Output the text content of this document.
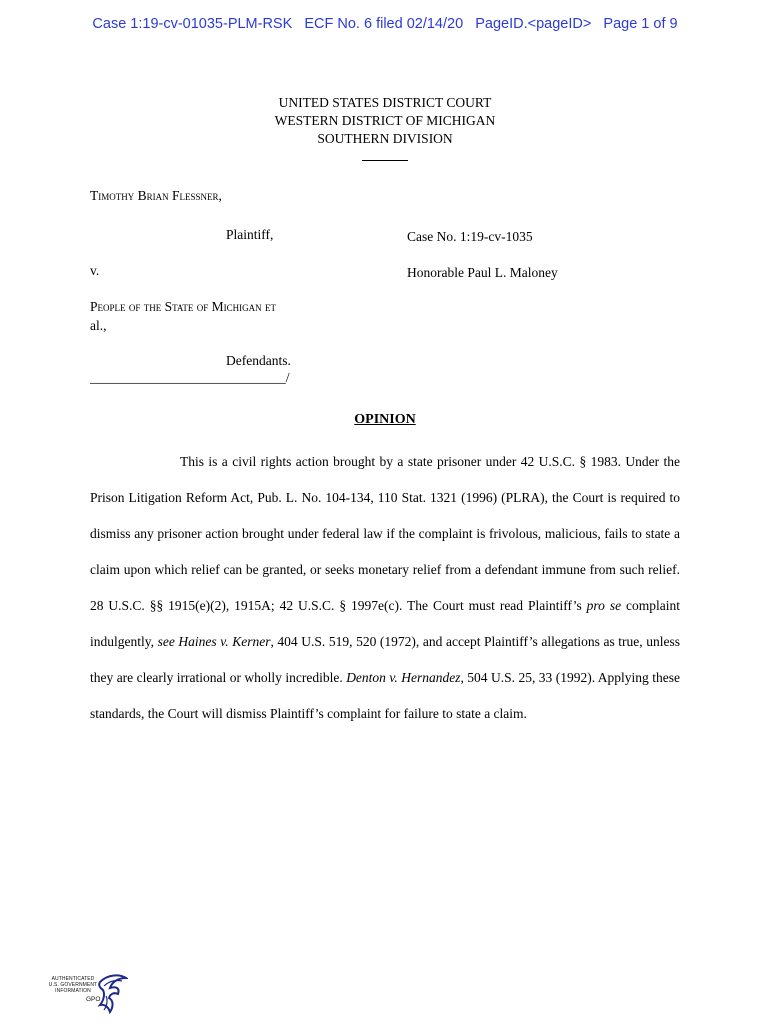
Case 1:19-cv-01035-PLM-RSK   ECF No. 6 filed 02/14/20   PageID.<pageID>   Page 1 of 9
UNITED STATES DISTRICT COURT
WESTERN DISTRICT OF MICHIGAN
SOUTHERN DIVISION
Timothy Brian Flessner,
Plaintiff,	Case No. 1:19-cv-1035
v.	Honorable Paul L. Maloney
People of the State of Michigan et
al.,
Defendants.
_____________________________/
OPINION

This is a civil rights action brought by a state prisoner under 42 U.S.C. § 1983. Under the Prison Litigation Reform Act, Pub. L. No. 104-134, 110 Stat. 1321 (1996) (PLRA), the Court is required to dismiss any prisoner action brought under federal law if the complaint is frivolous, malicious, fails to state a claim upon which relief can be granted, or seeks monetary relief from a defendant immune from such relief. 28 U.S.C. §§ 1915(e)(2), 1915A; 42 U.S.C. § 1997e(c). The Court must read Plaintiff’s pro se complaint indulgently, see Haines v. Kerner, 404 U.S. 519, 520 (1972), and accept Plaintiff’s allegations as true, unless they are clearly irrational or wholly incredible. Denton v. Hernandez, 504 U.S. 25, 33 (1992). Applying these standards, the Court will dismiss Plaintiff’s complaint for failure to state a claim.

AUTHENTICATED
U.S. GOVERNMENT
INFORMATION
GPO
